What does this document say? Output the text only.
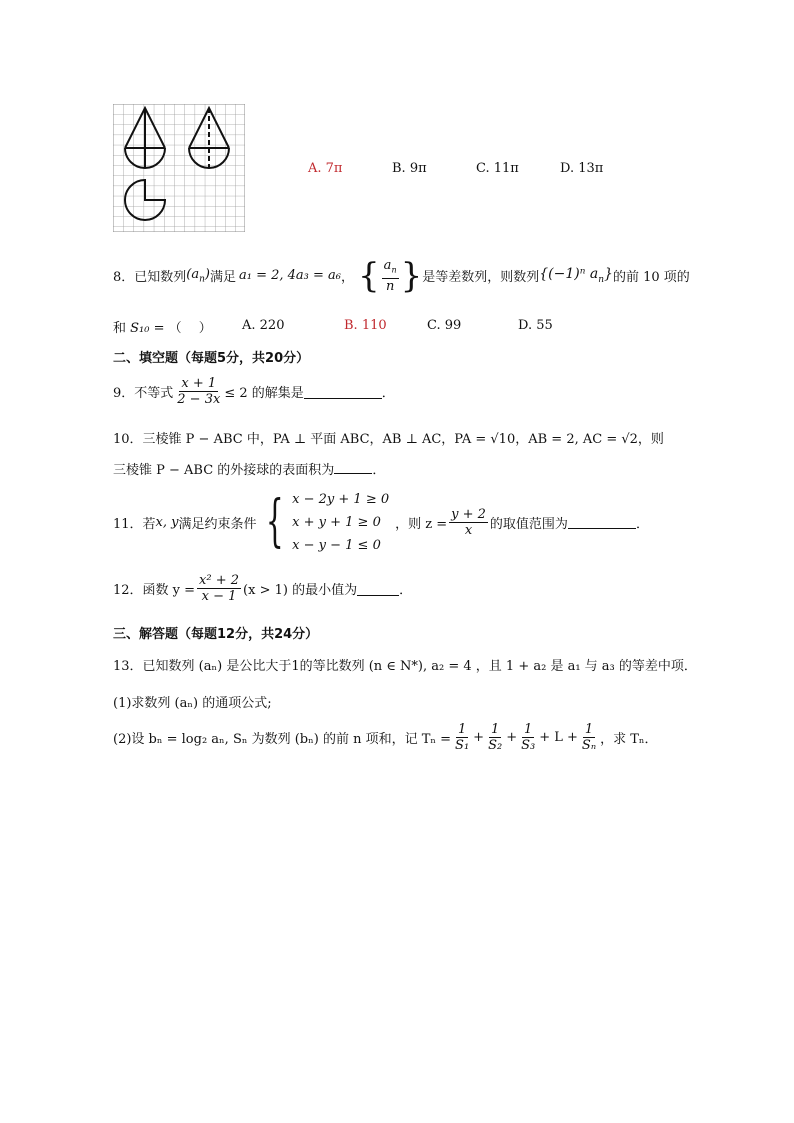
A. 7π	B. 9π	C. 11π	D. 13π
8．已知数列 $(a_n)$ 满足 a₁ = 2, 4a₃ = a₆ ， { $\frac{a_n}{n}$ } 是等差数列，则数列 {(−1)ⁿ $a_n$} 的前 10 项的
和 S₁₀ = （　 ） A. 220	B. 110	C. 99	D. 55
二、填空题（每题5分，共20分）
9．不等式 $\frac{x + 1}{2 - 3x} \le 2$ 的解集是	．
10．三棱锥 P − ABC 中，PA ⊥ 平面 ABC，AB ⊥ AC，PA = √10，AB = 2, AC = √2，则
三棱锥 P − ABC 的外接球的表面积为	．
11．若 x, y 满足约束条件 { x − 2y + 1 ≥ 0
x + y + 1 ≥ 0
x − y − 1 ≤ 0
，则 $z = \frac{y + 2}{x}$ 的取值范围为	．
12．函数 $y = \frac{\text{x² + 2}}{x - 1} (x > 1)$ 的最小值为	．
三、解答题（每题12分，共24分）
13．已知数列 (aₙ) 是公比大于1的等比数列 (n ∈ N*), a₂ = 4 ，且 1 + a₂ 是 a₁ 与 a₃ 的等差中项．
(1)求数列 (aₙ) 的通项公式;
(2)设 bₙ = log₂ aₙ, Sₙ 为数列 (bₙ) 的前 n 项和，记 $T_n = \frac{1}{\text{S₁}} + \frac{1}{\text{S₂}} + \frac{1}{\text{S₃}} + L + \frac{1}{\text{Sₙ}}$ ，求 Tₙ．
